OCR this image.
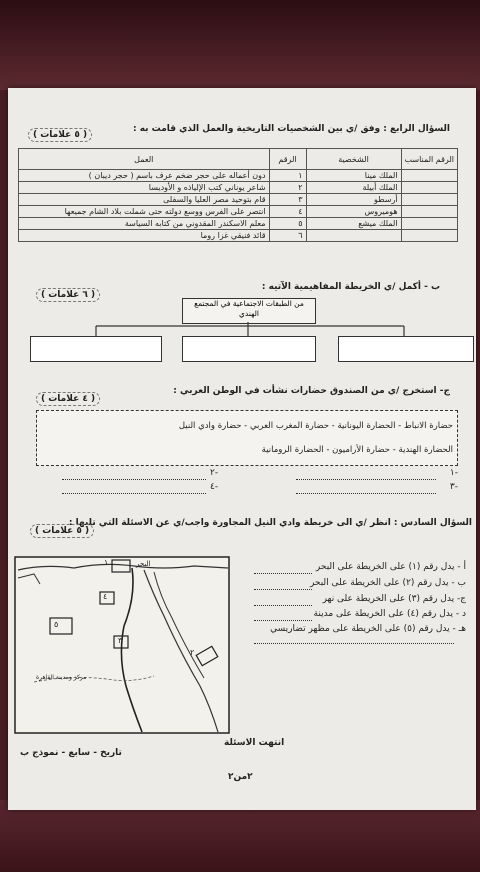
السؤال الرابع : وفق /ي بين الشخصيات التاريخية والعمل الذي قامت به :
( ٥ علامات )
الرقم المناسب	الشخصية	الرقم	العمل
	الملك مينا	١	دون أعماله على حجر ضخم عرف باسم ( حجر ديبان )
	الملك أبيلة	٢	شاعر يوناني كتب الإلياذه و الأوديسا
	أرسطو	٣	قام بتوحيد مصر العليا والسفلى
	هوميروس	٤	انتصر على الفرس ووسع دولته حتى شملت بلاد الشام جميعها
	الملك ميشع	٥	معلم الاسكندر المقدوني من كتابه السياسة
		٦	قائد فنيقي غزا روما
ب - أكمل /ي الخريطة المفاهيمية الآتيه :
( ٦ علامات )
من الطبقات الاجتماعية في المجتمع الهندي
ج- استخرج /ي من الصندوق حضارات نشأت في الوطن العربي :
( ٤ علامات )
حضارة الانباط - الحضارة اليونانية - حضارة المغرب العربي - حضارة وادي النيل
الحضارة الهندية - حضارة الأراميون - الحضارة الرومانية
-١
-٢
-٣
-٤
السؤال السادس : انظر /ي الى خريطة وادي النيل المجاورة واجب/ي عن الاسئلة التي تليها :
( ٥ علامات )
١
٢
٣
٤
٥
البحر
مركز ومدينة القاهرة
أ - يدل رقم (١) على الخريطة على البحر
ب - يدل رقم (٢) على الخريطة على البحر
ج- يدل رقم (٣) على الخريطة على نهر
د - يدل رقم (٤) على الخريطة على مدينة
هـ - يدل رقم (٥) على الخريطة على مظهر تضاريسي
انتهت الاسئلة
تاريخ - سابع - نموذج ب
٢من٢
